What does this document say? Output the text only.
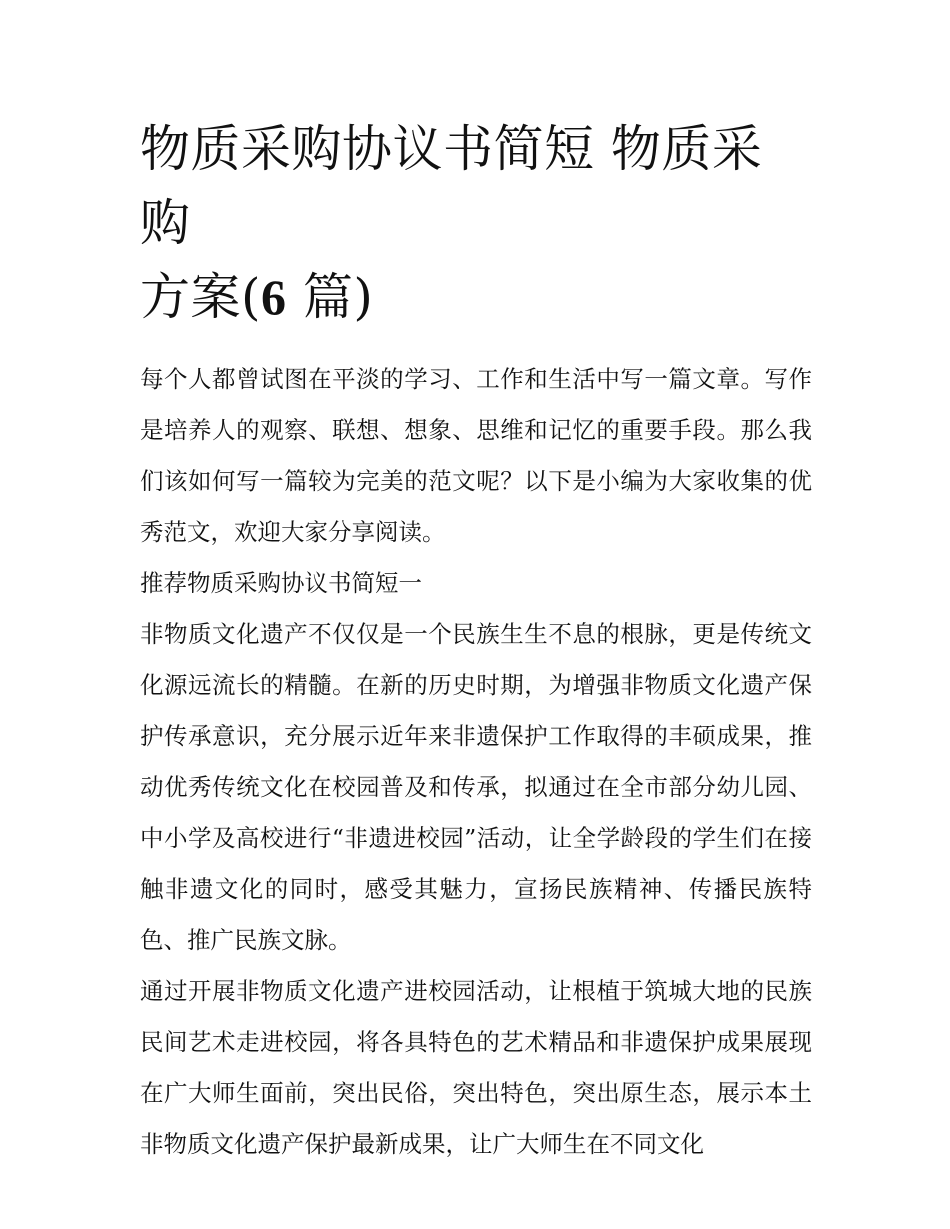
物质采购协议书简短 物质采购
方案(6 篇)

每个人都曾试图在平淡的学习、工作和生活中写一篇文章。写作是培养人的观察、联想、想象、思维和记忆的重要手段。那么我们该如何写一篇较为完美的范文呢？以下是小编为大家收集的优秀范文，欢迎大家分享阅读。

推荐物质采购协议书简短一

非物质文化遗产不仅仅是一个民族生生不息的根脉，更是传统文化源远流长的精髓。在新的历史时期，为增强非物质文化遗产保护传承意识，充分展示近年来非遗保护工作取得的丰硕成果，推动优秀传统文化在校园普及和传承，拟通过在全市部分幼儿园、中小学及高校进行“非遗进校园”活动，让全学龄段的学生们在接触非遗文化的同时，感受其魅力，宣扬民族精神、传播民族特色、推广民族文脉。

通过开展非物质文化遗产进校园活动，让根植于筑城大地的民族民间艺术走进校园，将各具特色的艺术精品和非遗保护成果展现在广大师生面前，突出民俗，突出特色，突出原生态，展示本土非物质文化遗产保护最新成果，让广大师生在不同文化
